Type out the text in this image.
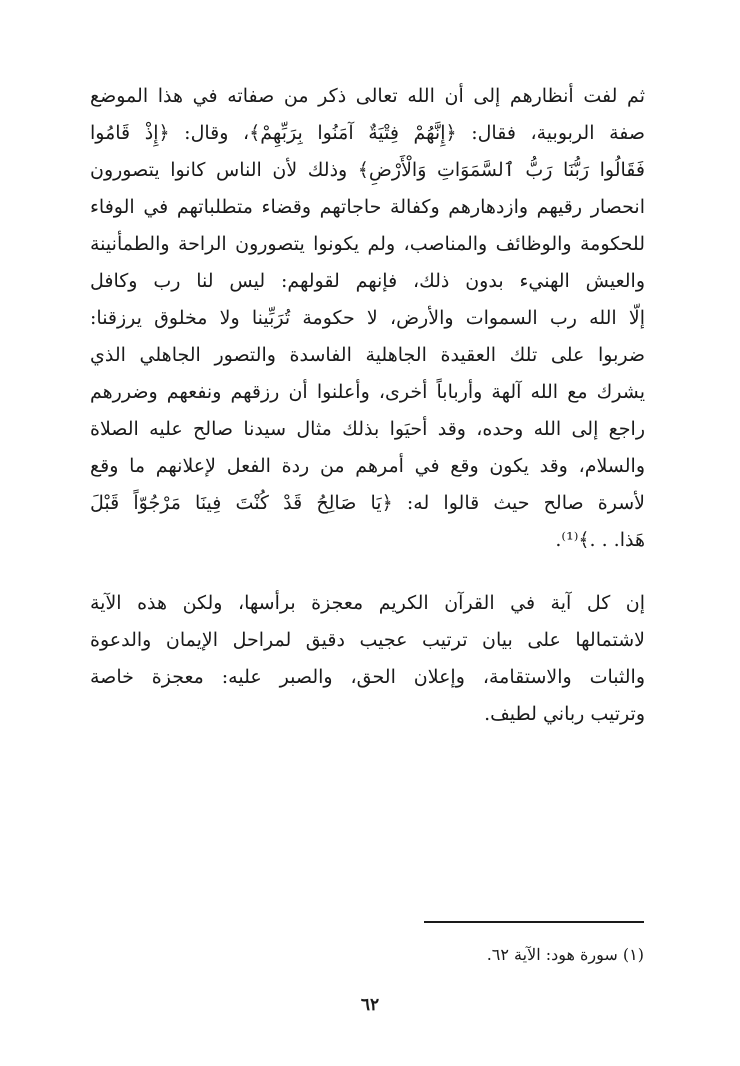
ثم لفت أنظارهم إلى أن الله تعالى ذكر من صفاته في هذا الموضع
صفة الربوبية، فقال: ﴿إِنَّهُمْ فِتْيَةٌ آمَنُوا بِرَبِّهِمْ﴾، وقال: ﴿إِذْ قَامُوا
فَقَالُوا رَبُّنَا رَبُّ ٱلسَّمَوَاتِ وَالْأَرْضِ﴾ وذلك لأن الناس كانوا يتصورون
انحصار رقيهم وازدهارهم وكفالة حاجاتهم وقضاء متطلباتهم في الوفاء
للحكومة والوظائف والمناصب، ولم يكونوا يتصورون الراحة والطمأنينة
والعيش الهنيء بدون ذلك، فإنهم لقولهم: ليس لنا رب وكافل
إلّا الله رب السموات والأرض، لا حكومة تُرَبِّينا ولا مخلوق يرزقنا:
ضربوا على تلك العقيدة الجاهلية الفاسدة والتصور الجاهلي الذي
يشرك مع الله آلهة وأرباباً أخرى، وأعلنوا أن رزقهم ونفعهم وضررهم
راجع إلى الله وحده، وقد أحيَوا بذلك مثال سيدنا صالح عليه الصلاة
والسلام، وقد يكون وقع في أمرهم من ردة الفعل لإعلانهم ما وقع
لأسرة صالح حيث قالوا له: ﴿يَا صَالِحُ قَدْ كُنْتَ فِينَا مَرْجُوّاً قَبْلَ
هَذا. . .﴾⁽¹⁾.
إن كل آية في القرآن الكريم معجزة برأسها، ولكن هذه الآية
لاشتمالها على بيان ترتيب عجيب دقيق لمراحل الإيمان والدعوة
والثبات والاستقامة، وإعلان الحق، والصبر عليه: معجزة خاصة
وترتيب رباني لطيف.
(١) سورة هود: الآية ٦٢.
٦٢
